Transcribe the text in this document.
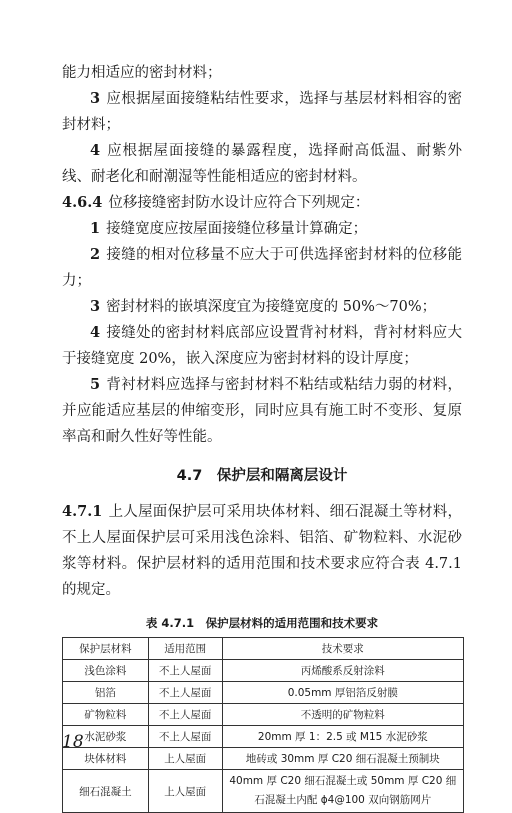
能力相适应的密封材料；

3 应根据屋面接缝粘结性要求，选择与基层材料相容的密封材料；

4 应根据屋面接缝的暴露程度，选择耐高低温、耐紫外线、耐老化和耐潮湿等性能相适应的密封材料。

4.6.4 位移接缝密封防水设计应符合下列规定：

1 接缝宽度应按屋面接缝位移量计算确定；

2 接缝的相对位移量不应大于可供选择密封材料的位移能力；

3 密封材料的嵌填深度宜为接缝宽度的 50%～70%；

4 接缝处的密封材料底部应设置背衬材料，背衬材料应大于接缝宽度 20%，嵌入深度应为密封材料的设计厚度；

5 背衬材料应选择与密封材料不粘结或粘结力弱的材料，并应能适应基层的伸缩变形，同时应具有施工时不变形、复原率高和耐久性好等性能。

4.7　保护层和隔离层设计

4.7.1 上人屋面保护层可采用块体材料、细石混凝土等材料，不上人屋面保护层可采用浅色涂料、铝箔、矿物粒料、水泥砂浆等材料。保护层材料的适用范围和技术要求应符合表 4.7.1 的规定。

表 4.7.1　保护层材料的适用范围和技术要求
保护层材料	适用范围	技术要求
浅色涂料	不上人屋面	丙烯酸系反射涂料
铝箔	不上人屋面	0.05mm 厚铝箔反射膜
矿物粒料	不上人屋面	不透明的矿物粒料
水泥砂浆	不上人屋面	20mm 厚 1：2.5 或 M15 水泥砂浆
块体材料	上人屋面	地砖或 30mm 厚 C20 细石混凝土预制块
细石混凝土	上人屋面	40mm 厚 C20 细石混凝土或 50mm 厚 C20 细石混凝土内配 ϕ4@100 双向钢筋网片
18
